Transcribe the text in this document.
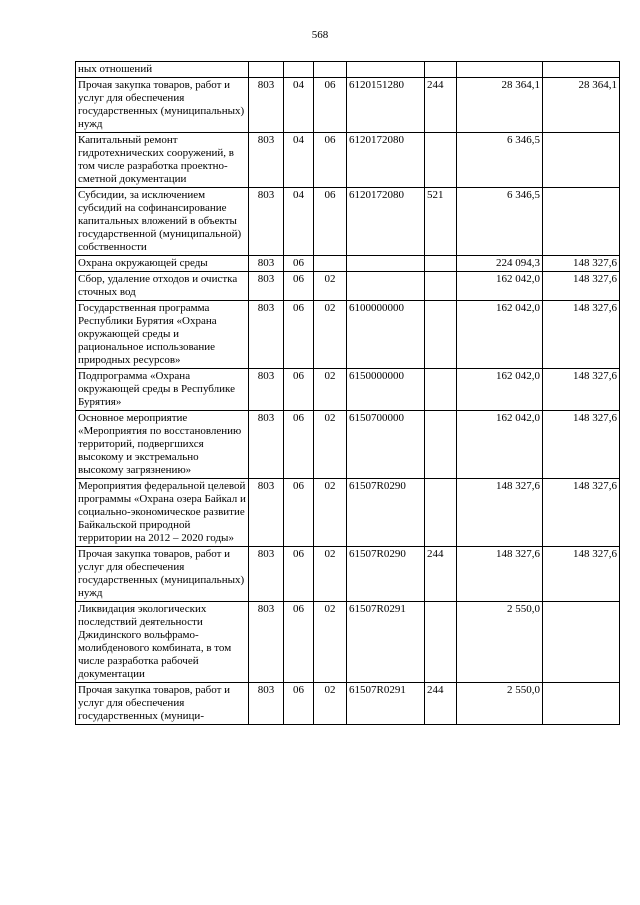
568
ных отношений							
Прочая закупка товаров, работ и услуг для обеспечения государственных (муниципальных) нужд	803	04	06	6120151280	244	28 364,1	28 364,1
Капитальный ремонт гидротехнических сооружений, в том числе разработка проектно-сметной документации	803	04	06	6120172080		6 346,5	
Субсидии, за исключением субсидий на софинансирование капитальных вложений в объекты государственной (муниципальной) собственности	803	04	06	6120172080	521	6 346,5	
Охрана окружающей среды	803	06				224 094,3	148 327,6
Сбор, удаление отходов и очистка сточных вод	803	06	02			162 042,0	148 327,6
Государственная программа Республики Бурятия «Охрана окружающей среды и рациональное использование природных ресурсов»	803	06	02	6100000000		162 042,0	148 327,6
Подпрограмма «Охрана окружающей среды в Республике Бурятия»	803	06	02	6150000000		162 042,0	148 327,6
Основное мероприятие «Мероприятия по восстановлению территорий, подвергшихся высокому и экстремально высокому загрязнению»	803	06	02	6150700000		162 042,0	148 327,6
Мероприятия федеральной целевой программы «Охрана озера Байкал и социально-экономическое развитие Байкальской природной территории на 2012 – 2020 годы»	803	06	02	61507R0290		148 327,6	148 327,6
Прочая закупка товаров, работ и услуг для обеспечения государственных (муниципальных) нужд	803	06	02	61507R0290	244	148 327,6	148 327,6
Ликвидация экологических последствий деятельности Джидинского вольфрамо-молибденового комбината, в том числе разработка рабочей документации	803	06	02	61507R0291		2 550,0	
Прочая закупка товаров, работ и услуг для обеспечения государственных (муници-	803	06	02	61507R0291	244	2 550,0	
